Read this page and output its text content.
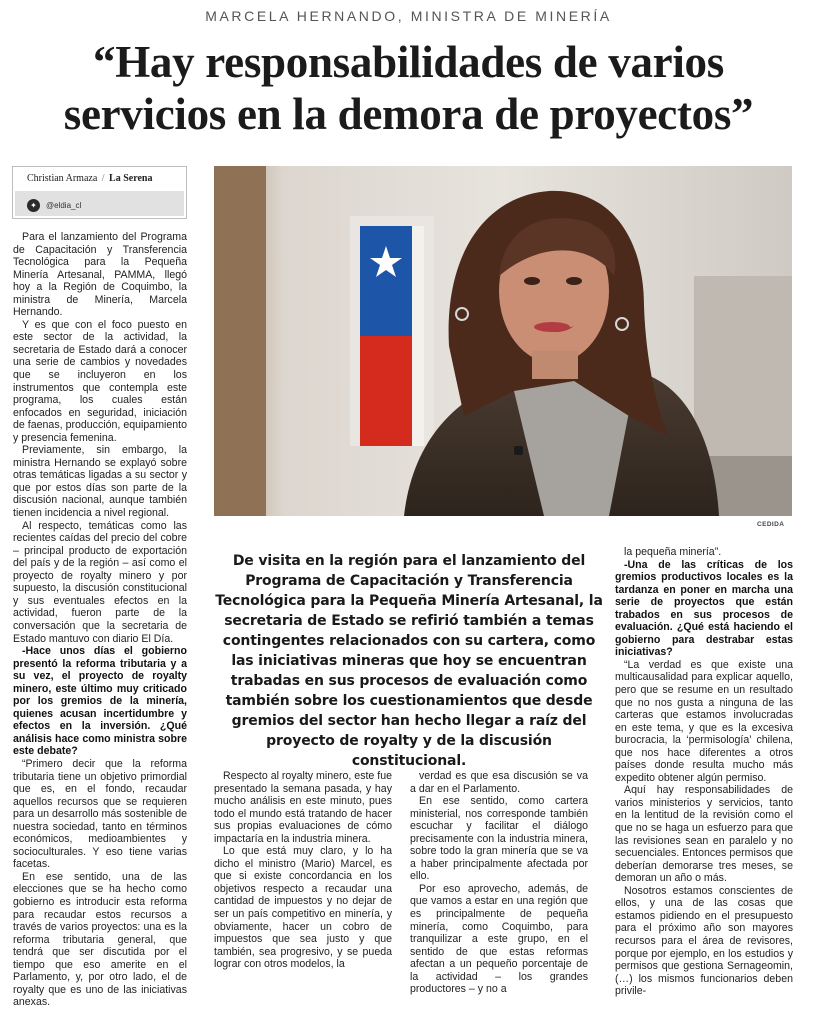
MARCELA HERNANDO, MINISTRA DE MINERÍA
“Hay responsabilidades de varios
servicios en la demora de proyectos”
Christian Armaza / La Serena
✦	@eldia_cl

Para el lanzamiento del Programa de Capacitación y Transferencia Tecnológica para la Pequeña Minería Artesanal, PAMMA, llegó hoy a la Región de Coquimbo, la ministra de Minería, Marcela Hernando.

Y es que con el foco puesto en este sector de la actividad, la secretaria de Estado dará a conocer una serie de cambios y novedades que se incluyeron en los instrumentos que contempla este programa, los cuales están enfocados en seguridad, iniciación de faenas, producción, equipamiento y presencia femenina.

Previamente, sin embargo, la ministra Hernando se explayó sobre otras temáticas ligadas a su sector y que por estos días son parte de la discusión nacional, aunque también tienen incidencia a nivel regional.

Al respecto, temáticas como las recientes caídas del precio del cobre – principal producto de exportación del país y de la región – así como el proyecto de royalty minero y por supuesto, la discusión constitucional y sus eventuales efectos en la actividad, fueron parte de la conversación que la secretaria de Estado mantuvo con diario El Día.

-Hace unos días el gobierno presentó la reforma tributaria y a su vez, el proyecto de royalty minero, este último muy criticado por los gremios de la minería, quienes acusan incertidumbre y efectos en la inversión. ¿Qué análisis hace como ministra sobre este debate?

“Primero decir que la reforma tributaria tiene un objetivo primordial que es, en el fondo, recaudar aquellos recursos que se requieren para un desarrollo más sostenible de nuestra sociedad, tanto en términos económicos, medioambientes y socioculturales. Y eso tiene varias facetas.

En ese sentido, una de las elecciones que se ha hecho como gobierno es introducir esta reforma para recaudar estos recursos a través de varios proyectos: una es la reforma tributaria general, que tendrá que ser discutida por el tiempo que eso amerite en el Parlamento, y, por otro lado, el de royalty que es uno de las iniciativas anexas.

CEDIDA
De visita en la región para el lanzamiento del Programa de Capacitación y Transferencia Tecnológica para la Pequeña Minería Artesanal, la secretaria de Estado se refirió también a temas contingentes relacionados con su cartera, como las iniciativas mineras que hoy se encuentran trabadas en sus procesos de evaluación como también sobre los cuestionamientos que desde gremios del sector han hecho llegar a raíz del proyecto de royalty y de la discusión constitucional.

Respecto al royalty minero, este fue presentado la semana pasada, y hay mucho análisis en este minuto, pues todo el mundo está tratando de hacer sus propias evaluaciones de cómo impactaría en la industria minera.

Lo que está muy claro, y lo ha dicho el ministro (Mario) Marcel, es que si existe concordancia en los objetivos respecto a recaudar una cantidad de impuestos y no dejar de ser un país competitivo en minería, y obviamente, hacer un cobro de impuestos que sea justo y que también, sea progresivo, y se pueda lograr con otros modelos, la

verdad es que esa discusión se va a dar en el Parlamento.

En ese sentido, como cartera ministerial, nos corresponde también escuchar y facilitar el diálogo precisamente con la industria minera, sobre todo la gran minería que se va a haber principalmente afectada por ello.

Por eso aprovecho, además, de que vamos a estar en una región que es principalmente de pequeña minería, como Coquimbo, para tranquilizar a este grupo, en el sentido de que estas reformas afectan a un pequeño porcentaje de la actividad – los grandes productores – y no a

la pequeña minería”.

-Una de las críticas de los gremios productivos locales es la tardanza en poner en marcha una serie de proyectos que están trabados en sus procesos de evaluación. ¿Qué está haciendo el gobierno para destrabar estas iniciativas?

“La verdad es que existe una multicausalidad para explicar aquello, pero que se resume en un resultado que no nos gusta a ninguna de las carteras que estamos involucradas en este tema, y que es la excesiva burocracia, la ‘permisología’ chilena, que nos hace diferentes a otros países donde resulta mucho más expedito obtener algún permiso.

Aquí hay responsabilidades de varios ministerios y servicios, tanto en la lentitud de la revisión como el que no se haga un esfuerzo para que las revisiones sean en paralelo y no secuenciales. Entonces permisos que deberían demorarse tres meses, se demoran un año o más.

Nosotros estamos conscientes de ellos, y una de las cosas que estamos pidiendo en el presupuesto para el próximo año son mayores recursos para el área de revisores, porque por ejemplo, en los estudios y permisos que gestiona Sernageomin, (…) los mismos funcionarios deben privile-
